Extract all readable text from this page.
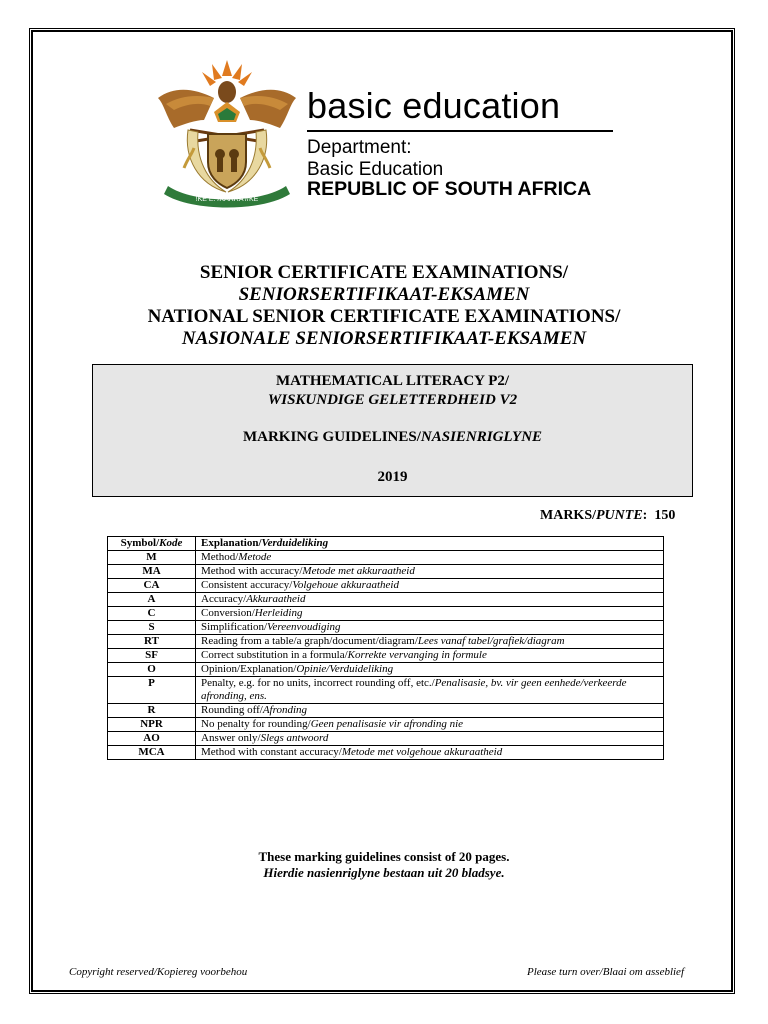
!KE E: /XARRA //KE
basic education
Department:
Basic Education
REPUBLIC OF SOUTH AFRICA
SENIOR CERTIFICATE EXAMINATIONS/
SENIORSERTIFIKAAT-EKSAMEN
NATIONAL SENIOR CERTIFICATE EXAMINATIONS/
NASIONALE SENIORSERTIFIKAAT-EKSAMEN
MATHEMATICAL LITERACY P2/
WISKUNDIGE GELETTERDHEID V2
MARKING GUIDELINES/NASIENRIGLYNE
2019
MARKS/PUNTE: 150
Symbol/Kode	Explanation/Verduideliking
M	Method/Metode
MA	Method with accuracy/Metode met akkuraatheid
CA	Consistent accuracy/Volgehoue akkuraatheid
A	Accuracy/Akkuraatheid
C	Conversion/Herleiding
S	Simplification/Vereenvoudiging
RT	Reading from a table/a graph/document/diagram/Lees vanaf tabel/grafiek/diagram
SF	Correct substitution in a formula/Korrekte vervanging in formule
O	Opinion/Explanation/Opinie/Verduideliking
P	Penalty, e.g. for no units, incorrect rounding off, etc./Penalisasie, bv. vir geen eenhede/verkeerde afronding, ens.
R	Rounding off/Afronding
NPR	No penalty for rounding/Geen penalisasie vir afronding nie
AO	Answer only/Slegs antwoord
MCA	Method with constant accuracy/Metode met volgehoue akkuraatheid
These marking guidelines consist of 20 pages.
Hierdie nasienriglyne bestaan uit 20 bladsye.
Copyright reserved/Kopiereg voorbehou	Please turn over/Blaai om asseblief
